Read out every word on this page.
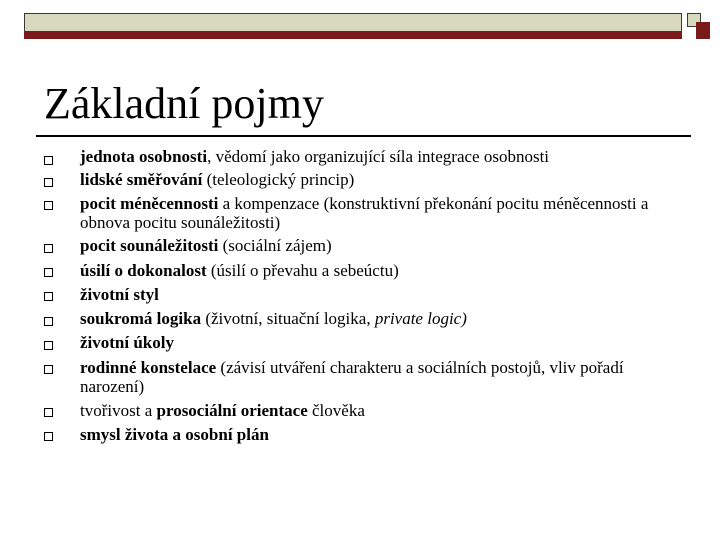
Základní pojmy
jednota osobnosti, vědomí jako organizující síla integrace osobnosti
lidské směřování (teleologický princip)
pocit méněcennosti a kompenzace (konstruktivní překonání pocitu méněcennosti a obnova pocitu sounáležitosti)
pocit sounáležitosti (sociální zájem)
úsilí o dokonalost (úsilí o převahu a sebeúctu)
životní styl
soukromá logika (životní, situační logika, private logic)
životní úkoly
rodinné konstelace (závisí utváření charakteru a sociálních postojů, vliv pořadí narození)
tvořivost a prosociální orientace člověka
smysl života a osobní plán
